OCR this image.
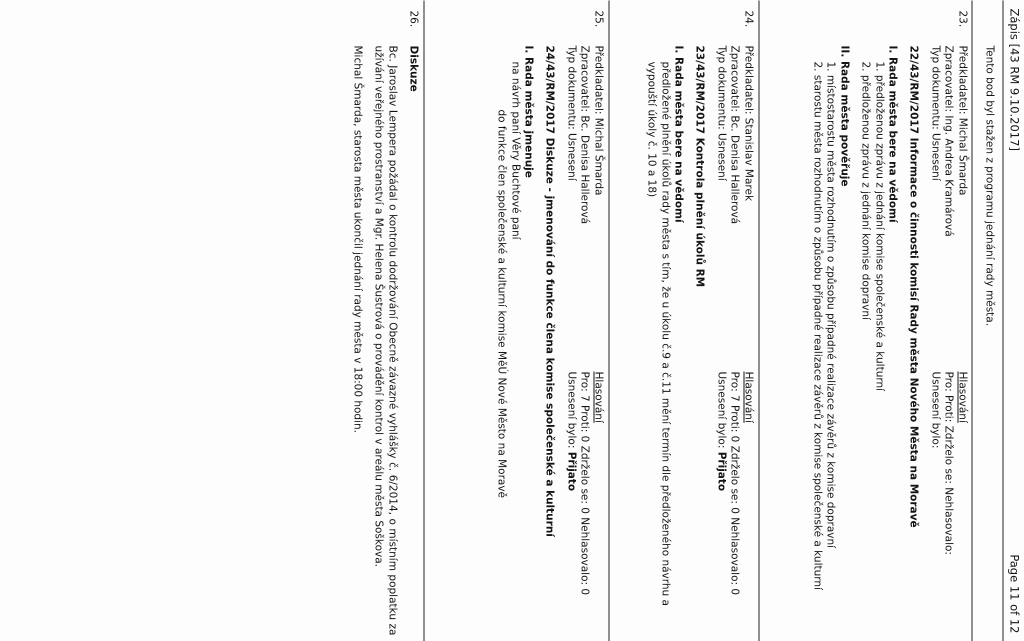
Zápis [43 RM 9.10.2017]
Page 11 of 12
Tento bod byl stažen z programu jednání rady města.
23.
Předkladatel: Michal Šmarda
Hlasování
Zpracovatel: Ing. Andrea Kramárová
Pro: Proti: Zdrželo se: Nehlasovalo:
Typ dokumentu: Usnesení
Usnesení bylo:
22/43/RM/2017 Informace o činnosti komisí Rady města Nového Města na Moravě
I. Rada města bere na vědomí
1. předloženou zprávu z jednání komise společenské a kulturní
2. předloženou zprávu z jednání komise dopravní
II. Rada města pověřuje
1. místostarostu města rozhodnutím o způsobu případné realizace závěrů z komise dopravní
2. starostu města rozhodnutím o způsobu případné realizace závěrů z komise společenské a kulturní
24.
Předkladatel: Stanislav Marek
Hlasování
Zpracovatel: Bc. Denisa Hallerová
Pro: 7 Proti: 0 Zdrželo se: 0 Nehlasovalo: 0
Typ dokumentu: Usnesení
Usnesení bylo: Přijato
23/43/RM/2017 Kontrola plnění úkolů RM
I. Rada města bere na vědomí
předložené plnění úkolů rady města s tím, že u úkolu č.9 a č.11 mění termín dle předloženého návrhu a vypouští úkoly č. 10 a 18)
25.
Předkladatel: Michal Šmarda
Hlasování
Zpracovatel: Bc. Denisa Hallerová
Pro: 7 Proti: 0 Zdrželo se: 0 Nehlasovalo: 0
Typ dokumentu: Usnesení
Usnesení bylo: Přijato
24/43/RM/2017 Diskuze - jmenování do funkce člena komise společenské a kulturní
I. Rada města jmenuje
na návrh paní Věry Buchtové paní
do funkce člen společenské a kulturní komise MěÚ Nové Město na Moravě
26.
Diskuze
Bc. Jaroslav Lempera požádal o kontrolu dodržování Obecně závazné vyhlášky č. 6/2014, o místním poplatku za užívání veřejného prostranství a Mgr. Helena Šustrová o provádění kontrol v areálu města Soškova.
Michal Šmarda, starosta města ukončil jednání rady města v 18:00 hodin.
